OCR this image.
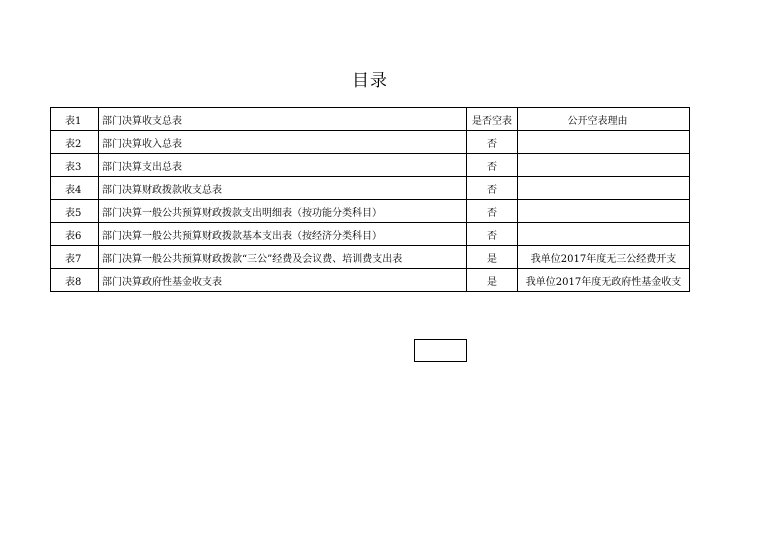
目录
表1	部门决算收支总表	是否空表	公开空表理由
表2	部门决算收入总表	否	
表3	部门决算支出总表	否	
表4	部门决算财政拨款收支总表	否	
表5	部门决算一般公共预算财政拨款支出明细表（按功能分类科目）	否	
表6	部门决算一般公共预算财政拨款基本支出表（按经济分类科目）	否	
表7	部门决算一般公共预算财政拨款“三公”经费及会议费、培训费支出表	是	我单位2017年度无三公经费开支
表8	部门决算政府性基金收支表	是	我单位2017年度无政府性基金收支
